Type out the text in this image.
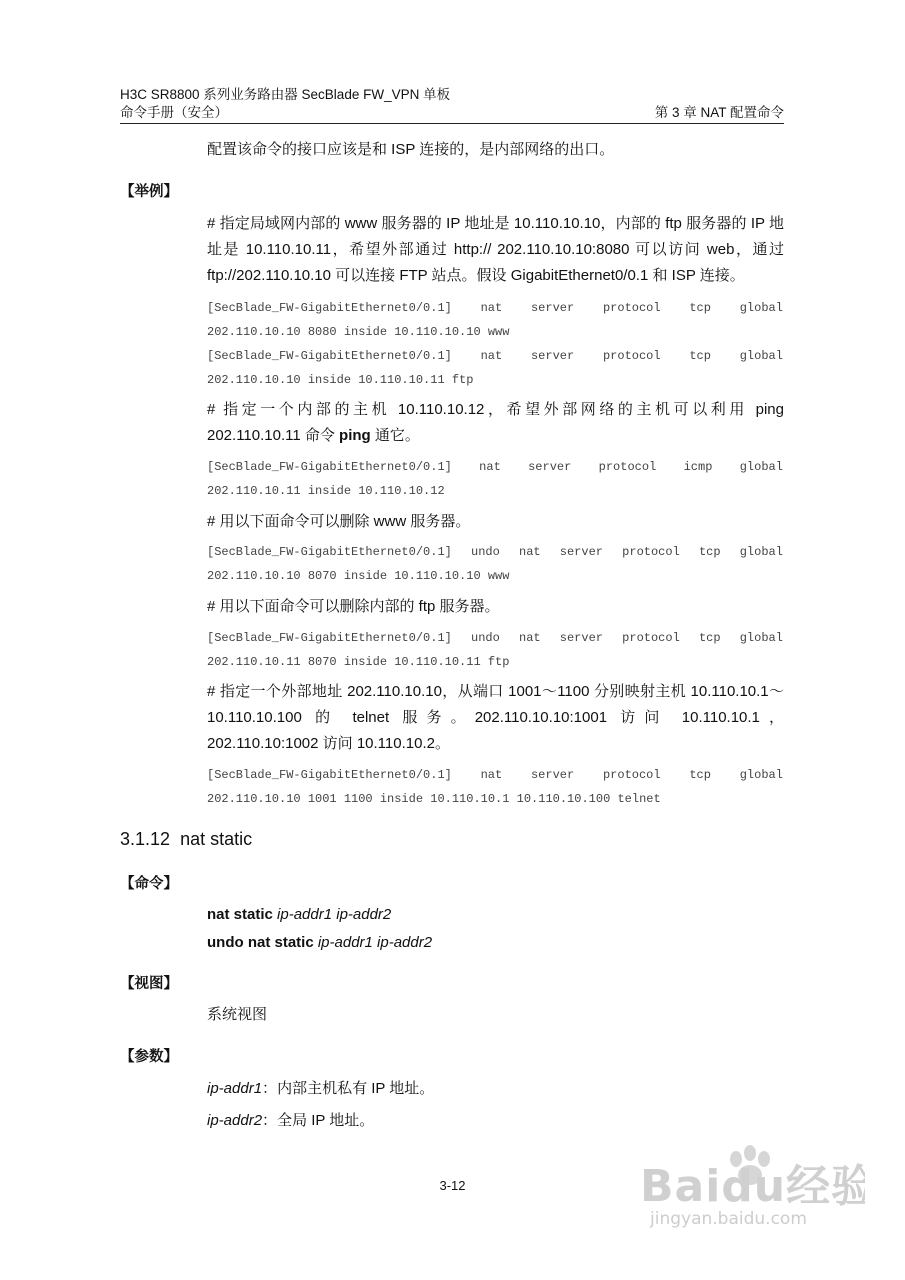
H3C SR8800 系列业务路由器 SecBlade FW_VPN 单板
命令手册（安全）	第 3 章 NAT 配置命令
配置该命令的接口应该是和 ISP 连接的，是内部网络的出口。
【举例】
# 指定局域网内部的 www 服务器的 IP 地址是 10.110.10.10，内部的 ftp 服务器的 IP 地址是 10.110.10.11，希望外部通过 http:// 202.110.10.10:8080 可以访问 web，通过 ftp://202.110.10.10 可以连接 FTP 站点。假设 GigabitEthernet0/0.1 和 ISP 连接。
[SecBlade_FW-GigabitEthernet0/0.1] nat server protocol tcp global
202.110.10.10 8080 inside 10.110.10.10 www
[SecBlade_FW-GigabitEthernet0/0.1] nat server protocol tcp global
202.110.10.10 inside 10.110.10.11 ftp
# 指定一个内部的主机 10.110.10.12，希望外部网络的主机可以利用 ping 202.110.10.11 命令 ping 通它。
[SecBlade_FW-GigabitEthernet0/0.1] nat server protocol icmp global
202.110.10.11 inside 10.110.10.12
# 用以下面命令可以删除 www 服务器。
[SecBlade_FW-GigabitEthernet0/0.1] undo nat server protocol tcp global
202.110.10.10 8070 inside 10.110.10.10 www
# 用以下面命令可以删除内部的 ftp 服务器。
[SecBlade_FW-GigabitEthernet0/0.1] undo nat server protocol tcp global
202.110.10.11 8070 inside 10.110.10.11 ftp
# 指定一个外部地址 202.110.10.10，从端口 1001～1100 分别映射主机 10.110.10.1～10.110.10.100 的 telnet 服务。202.110.10.10:1001 访问 10.110.10.1，202.110.10:1002 访问 10.110.10.2。
[SecBlade_FW-GigabitEthernet0/0.1] nat server protocol tcp global
202.110.10.10 1001 1100 inside 10.110.10.1 10.110.10.100 telnet
3.1.12 nat static
【命令】
nat static ip-addr1 ip-addr2
undo nat static ip-addr1 ip-addr2
【视图】
系统视图
【参数】
ip-addr1：内部主机私有 IP 地址。
ip-addr2：全局 IP 地址。
3-12	Baidu经验
jingyan.baidu.com
